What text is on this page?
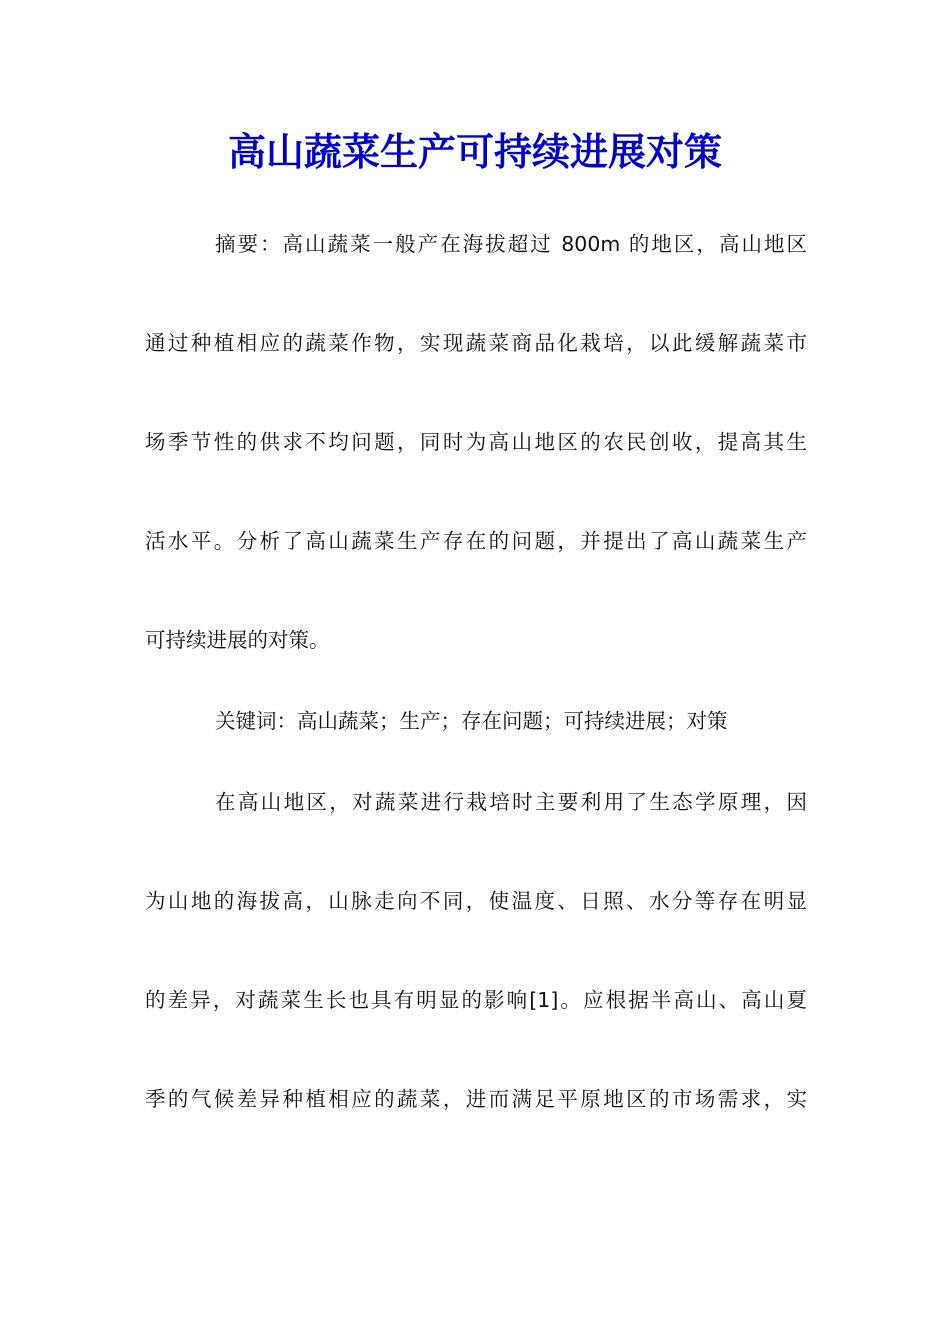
高山蔬菜生产可持续进展对策

摘要：高山蔬菜一般产在海拔超过 800m 的地区，高山地区

通过种植相应的蔬菜作物，实现蔬菜商品化栽培，以此缓解蔬菜市

场季节性的供求不均问题，同时为高山地区的农民创收，提高其生

活水平。分析了高山蔬菜生产存在的问题，并提出了高山蔬菜生产

可持续进展的对策。

关键词：高山蔬菜；生产；存在问题；可持续进展；对策

在高山地区，对蔬菜进行栽培时主要利用了生态学原理，因

为山地的海拔高，山脉走向不同，使温度、日照、水分等存在明显

的差异，对蔬菜生长也具有明显的影响[1]。应根据半高山、高山夏

季的气候差异种植相应的蔬菜，进而满足平原地区的市场需求，实
